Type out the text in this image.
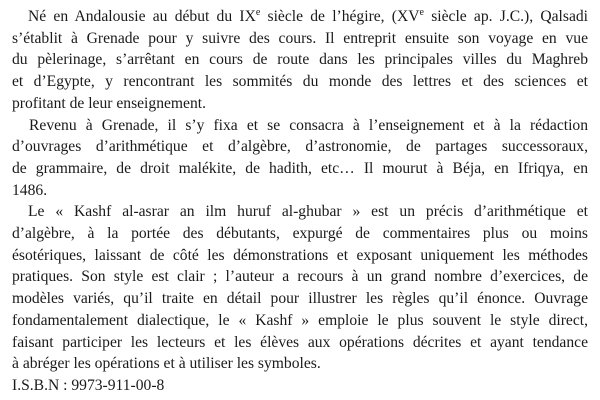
Né en Andalousie au début du IXe siècle de l’hégire, (XVe siècle ap. J.C.), Qalsadi
s’établit à Grenade pour y suivre des cours. Il entreprit ensuite son voyage en vue
du pèlerinage, s’arrêtant en cours de route dans les principales villes du Maghreb
et d’Egypte, y rencontrant les sommités du monde des lettres et des sciences et
profitant de leur enseignement.

Revenu à Grenade, il s’y fixa et se consacra à l’enseignement et à la rédaction
d’ouvrages d’arithmétique et d’algèbre, d’astronomie, de partages successoraux,
de grammaire, de droit malékite, de hadith, etc… Il mourut à Béja, en Ifriqya, en
1486.

Le « Kashf al-asrar an ilm huruf al-ghubar » est un précis d’arithmétique et
d’algèbre, à la portée des débutants, expurgé de commentaires plus ou moins
ésotériques, laissant de côté les démonstrations et exposant uniquement les méthodes
pratiques. Son style est clair ; l’auteur a recours à un grand nombre d’exercices, de
modèles variés, qu’il traite en détail pour illustrer les règles qu’il énonce. Ouvrage
fondamentalement dialectique, le « Kashf » emploie le plus souvent le style direct,
faisant participer les lecteurs et les élèves aux opérations décrites et ayant tendance
à abréger les opérations et à utiliser les symboles.

I.S.B.N : 9973-911-00-8
